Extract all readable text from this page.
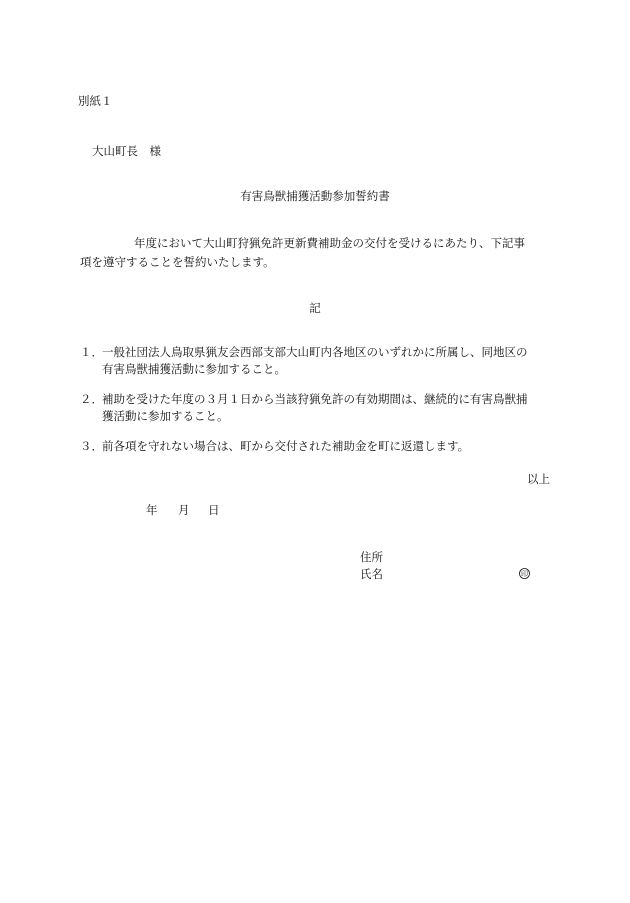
別紙１
大山町長　様
有害鳥獣捕獲活動参加誓約書
年度において大山町狩猟免許更新費補助金の交付を受けるにあたり、下記事
項を遵守することを誓約いたします。
記
１． 一般社団法人鳥取県猟友会西部支部大山町内各地区のいずれかに所属し、同地区の
有害鳥獣捕獲活動に参加すること。
２． 補助を受けた年度の３月１日から当該狩猟免許の有効期間は、継続的に有害鳥獣捕
獲活動に参加すること。
３． 前各項を守れない場合は、町から交付された補助金を町に返還します。
以上
年 月 日
住所
氏名	印
